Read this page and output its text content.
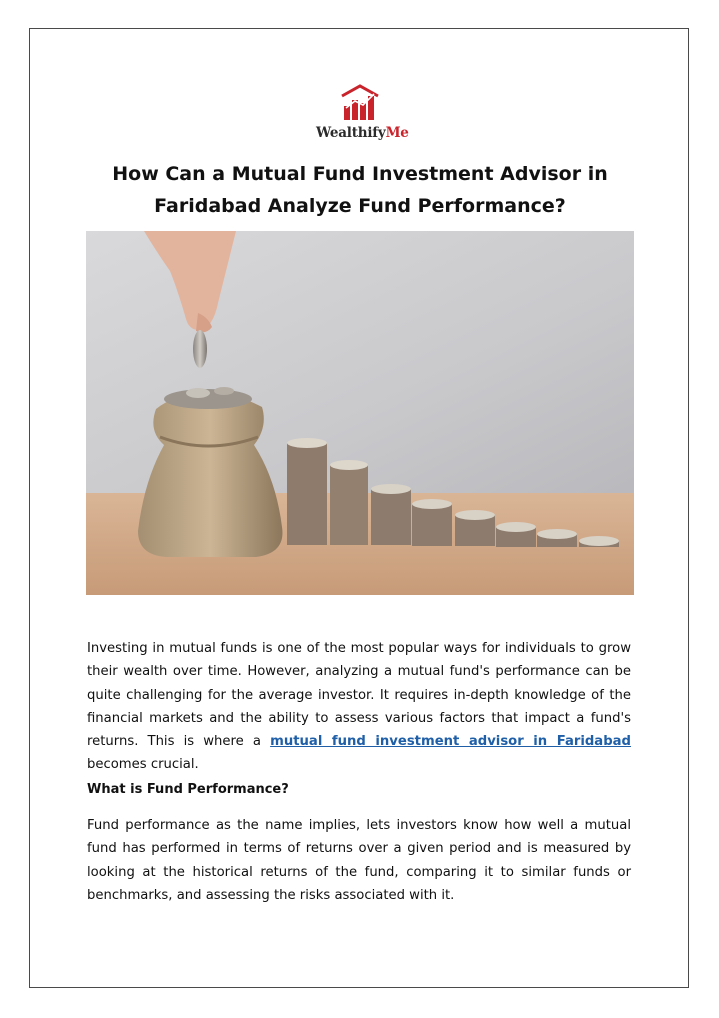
WealthifyMe
How Can a Mutual Fund Investment Advisor in
Faridabad Analyze Fund Performance?
Investing in mutual funds is one of the most popular ways for individuals to grow their wealth over time. However, analyzing a mutual fund's performance can be quite challenging for the average investor. It requires in-depth knowledge of the financial markets and the ability to assess various factors that impact a fund's returns. This is where a mutual fund investment advisor in Faridabad becomes crucial.
What is Fund Performance?
Fund performance as the name implies, lets investors know how well a mutual fund has performed in terms of returns over a given period and is measured by looking at the historical returns of the fund, comparing it to similar funds or benchmarks, and assessing the risks associated with it.
